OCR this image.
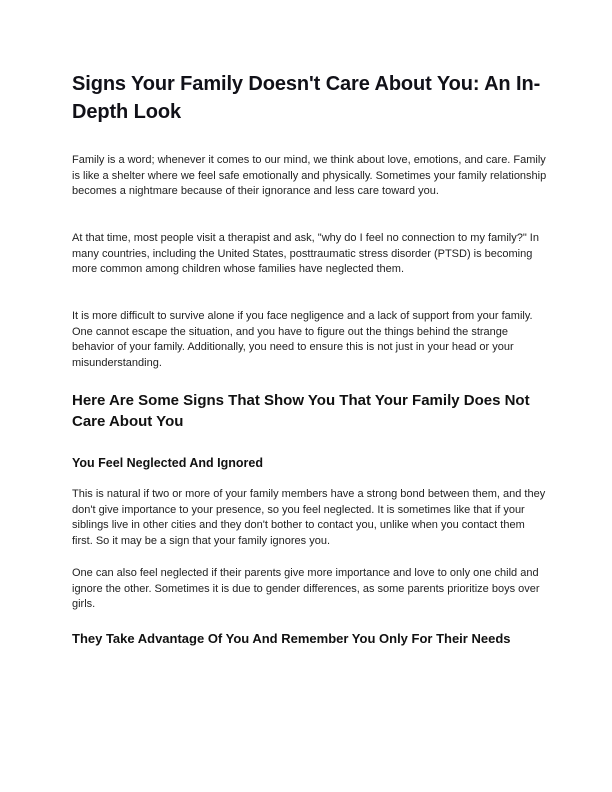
Signs Your Family Doesn't Care About You: An In-Depth Look

Family is a word; whenever it comes to our mind, we think about love, emotions, and care. Family is like a shelter where we feel safe emotionally and physically. Sometimes your family relationship becomes a nightmare because of their ignorance and less care toward you.

At that time, most people visit a therapist and ask, "why do I feel no connection to my family?" In many countries, including the United States, posttraumatic stress disorder (PTSD) is becoming more common among children whose families have neglected them.

It is more difficult to survive alone if you face negligence and a lack of support from your family. One cannot escape the situation, and you have to figure out the things behind the strange behavior of your family. Additionally, you need to ensure this is not just in your head or your misunderstanding.

Here Are Some Signs That Show You That Your Family Does Not Care About You
You Feel Neglected And Ignored

This is natural if two or more of your family members have a strong bond between them, and they don't give importance to your presence, so you feel neglected. It is sometimes like that if your siblings live in other cities and they don't bother to contact you, unlike when you contact them first. So it may be a sign that your family ignores you.

One can also feel neglected if their parents give more importance and love to only one child and ignore the other. Sometimes it is due to gender differences, as some parents prioritize boys over girls.

They Take Advantage Of You And Remember You Only For Their Needs
